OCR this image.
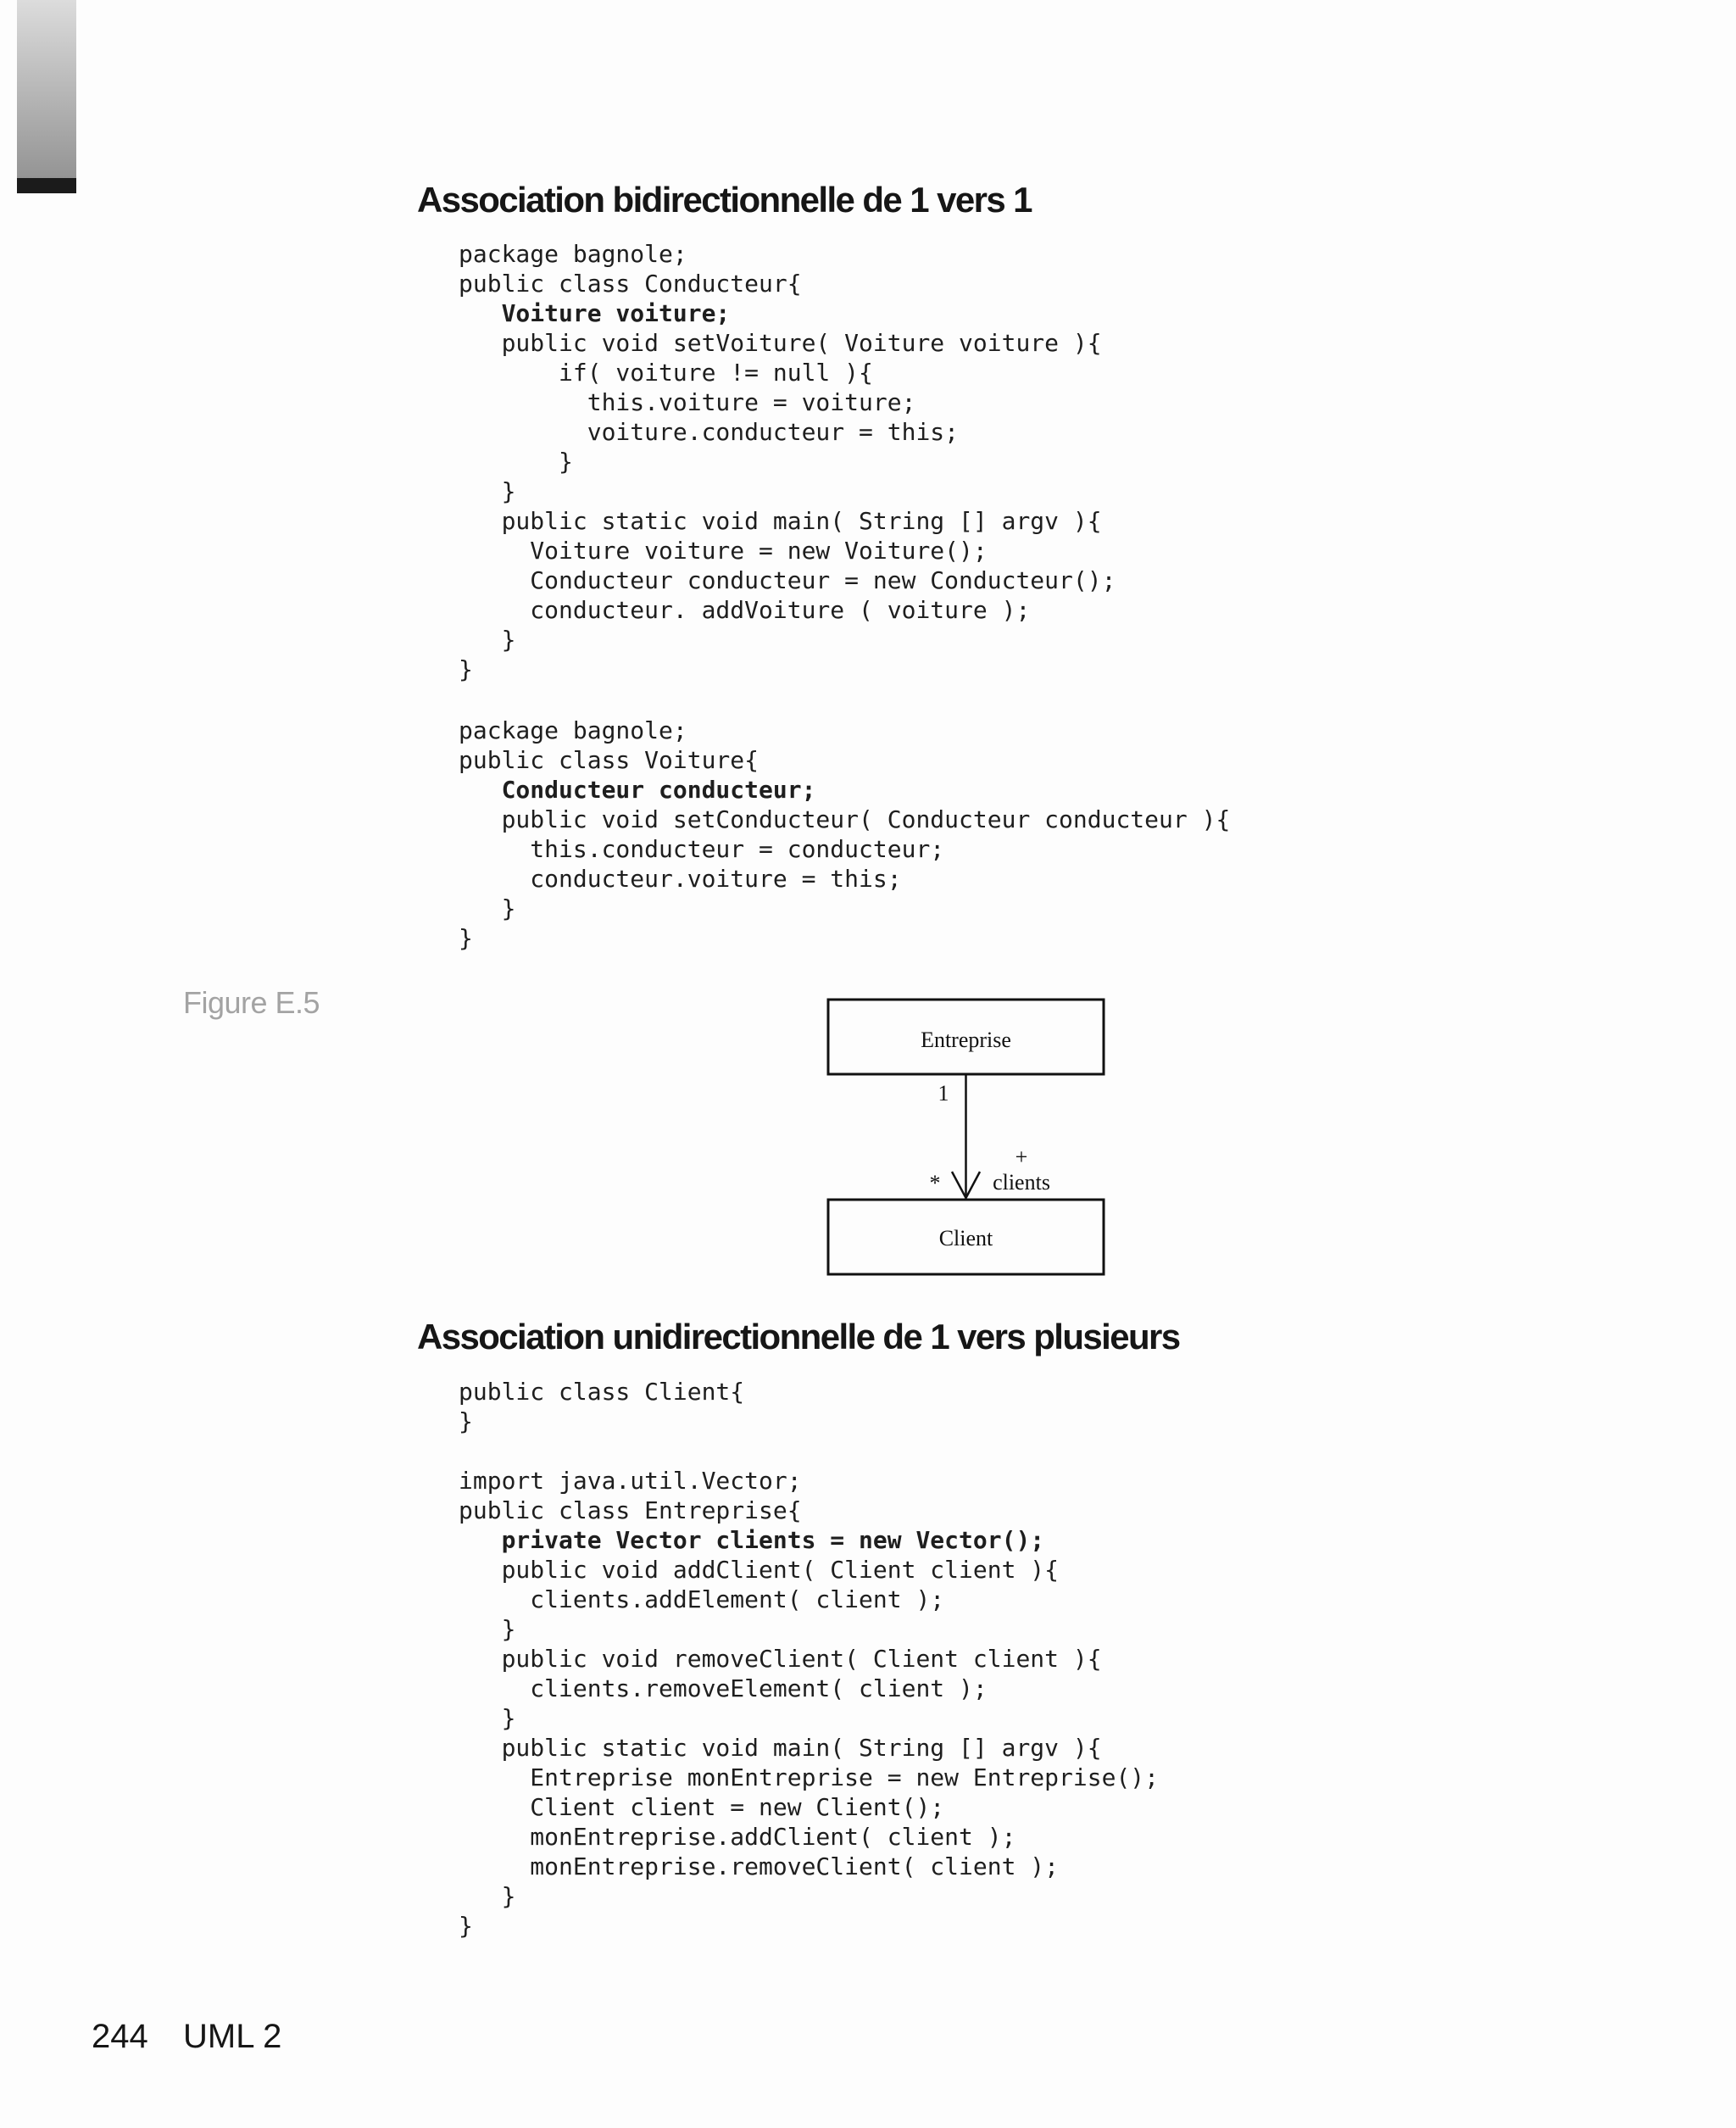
Association bidirectionnelle de 1 vers 1
package bagnole;
public class Conducteur{
Voiture voiture;
public void setVoiture( Voiture voiture ){
if( voiture != null ){
this.voiture = voiture;
voiture.conducteur = this;
}
}
public static void main( String [] argv ){
Voiture voiture = new Voiture();
Conducteur conducteur = new Conducteur();
conducteur. addVoiture ( voiture );
}
}
package bagnole;
public class Voiture{
Conducteur conducteur;
public void setConducteur( Conducteur conducteur ){
this.conducteur = conducteur;
conducteur.voiture = this;
}
}
Figure E.5
Entreprise
1
*
+
clients
Client
Association unidirectionnelle de 1 vers plusieurs
public class Client{
}
import java.util.Vector;
public class Entreprise{
private Vector clients = new Vector();
public void addClient( Client client ){
clients.addElement( client );
}
public void removeClient( Client client ){
clients.removeElement( client );
}
public static void main( String [] argv ){
Entreprise monEntreprise = new Entreprise();
Client client = new Client();
monEntreprise.addClient( client );
monEntreprise.removeClient( client );
}
}
244 UML 2
